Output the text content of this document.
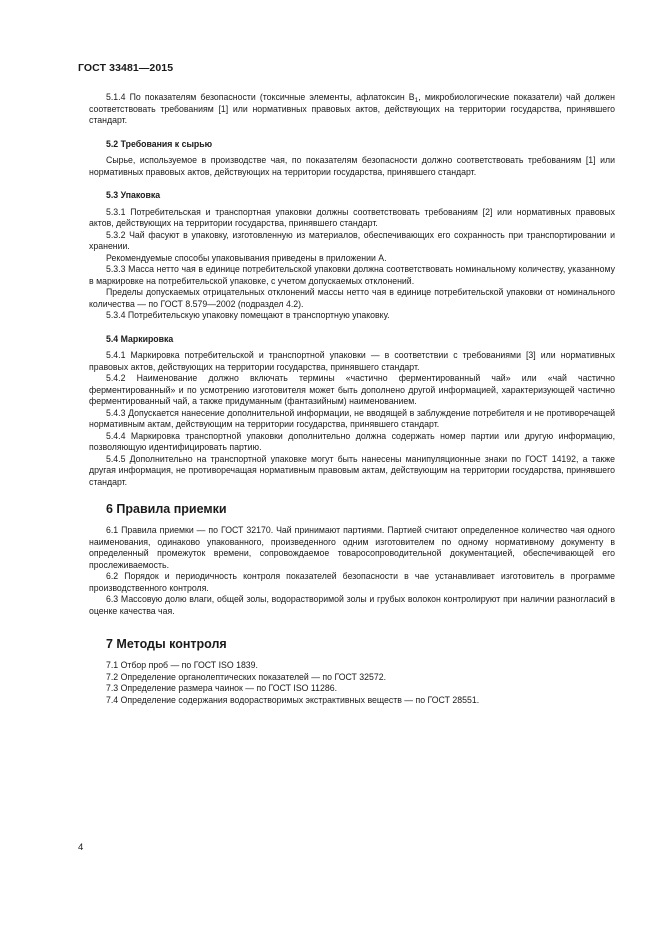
ГОСТ 33481—2015

5.1.4 По показателям безопасности (токсичные элементы, афлатоксин $В_1$, микробиологические показатели) чай должен соответствовать требованиям [1] или нормативных правовых актов, действующих на территории государства, принявшего стандарт.

5.2 Требования к сырью

Сырье, используемое в производстве чая, по показателям безопасности должно соответствовать требованиям [1] или нормативных правовых актов, действующих на территории государства, принявшего стандарт.

5.3 Упаковка

5.3.1 Потребительская и транспортная упаковки должны соответствовать требованиям [2] или нормативных правовых актов, действующих на территории государства, принявшего стандарт.

5.3.2 Чай фасуют в упаковку, изготовленную из материалов, обеспечивающих его сохранность при транспортировании и хранении.

Рекомендуемые способы упаковывания приведены в приложении А.

5.3.3 Масса нетто чая в единице потребительской упаковки должна соответствовать номинальному количеству, указанному в маркировке на потребительской упаковке, с учетом допускаемых отклонений.

Пределы допускаемых отрицательных отклонений массы нетто чая в единице потребительской упаковки от номинального количества — по ГОСТ 8.579—2002 (подраздел 4.2).

5.3.4 Потребительскую упаковку помещают в транспортную упаковку.

5.4 Маркировка

5.4.1 Маркировка потребительской и транспортной упаковки — в соответствии с требованиями [3] или нормативных правовых актов, действующих на территории государства, принявшего стандарт.

5.4.2 Наименование должно включать термины «частично ферментированный чай» или «чай частично ферментированный» и по усмотрению изготовителя может быть дополнено другой информацией, характеризующей частично ферментированный чай, а также придуманным (фантазийным) наименованием.

5.4.3 Допускается нанесение дополнительной информации, не вводящей в заблуждение потребителя и не противоречащей нормативным актам, действующим на территории государства, принявшего стандарт.

5.4.4 Маркировка транспортной упаковки дополнительно должна содержать номер партии или другую информацию, позволяющую идентифицировать партию.

5.4.5 Дополнительно на транспортной упаковке могут быть нанесены манипуляционные знаки по ГОСТ 14192, а также другая информация, не противоречащая нормативным правовым актам, действующим на территории государства, принявшего стандарт.

6 Правила приемки

6.1 Правила приемки — по ГОСТ 32170. Чай принимают партиями. Партией считают определенное количество чая одного наименования, одинаково упакованного, произведенного одним изготовителем по одному нормативному документу в определенный промежуток времени, сопровождаемое товаросопроводительной документацией, обеспечивающей его прослеживаемость.

6.2 Порядок и периодичность контроля показателей безопасности в чае устанавливает изготовитель в программе производственного контроля.

6.3 Массовую долю влаги, общей золы, водорастворимой золы и грубых волокон контролируют при наличии разногласий в оценке качества чая.

7 Методы контроля

7.1 Отбор проб — по ГОСТ ISO 1839.

7.2 Определение органолептических показателей — по ГОСТ 32572.

7.3 Определение размера чаинок — по ГОСТ ISO 11286.

7.4 Определение содержания водорастворимых экстрактивных веществ — по ГОСТ 28551.

4
